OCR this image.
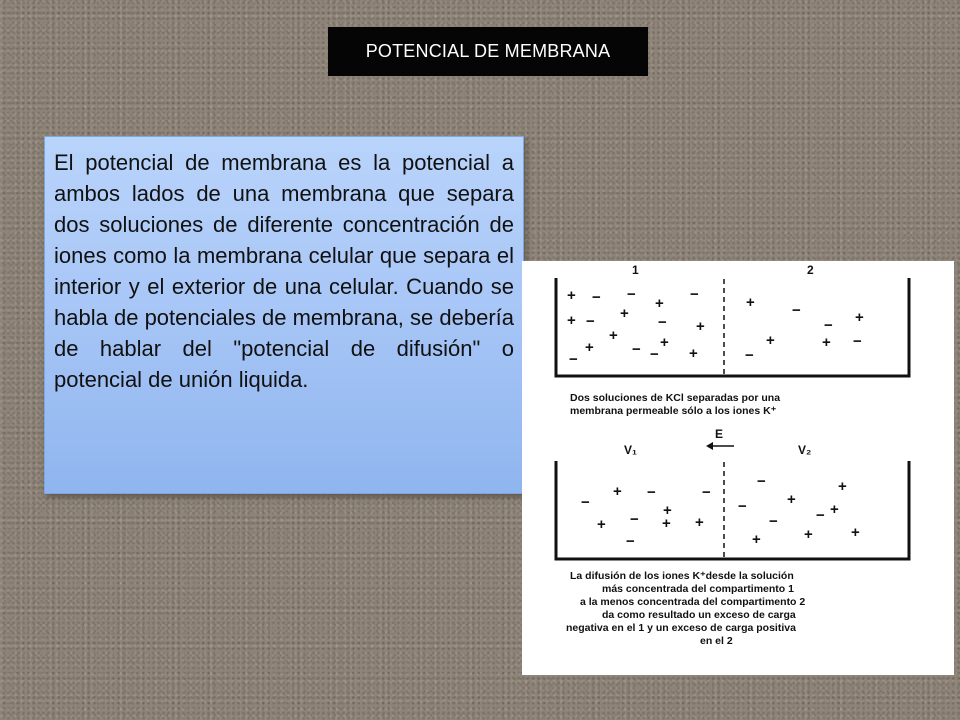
POTENCIAL DE MEMBRANA

El potencial de membrana es la potencial a ambos lados de una membrana que separa dos soluciones de diferente concentración de iones como la membrana celular que separa el interior y el exterior de una celular. Cuando se habla de potenciales de membrana, se debería de hablar del "potencial de difusión" o potencial de unión liquida.

1	2
+ − −
+
−
+ − +
− +
+
+
−
− +
− +
+ −
− +
+	+ −
−
Dos soluciones de KCl separadas por una
membrana permeable sólo a los iones K⁺
E
V₁	V₂
+ −	−
−	+
+ − + +
−
−	+
+
−	+
−
−
+	+
+
La difusión de los iones K⁺desde la solución
más concentrada del compartimento 1
a la menos concentrada del compartimento 2
da como resultado un exceso de carga
negativa en el 1 y un exceso de carga positiva
en el 2
